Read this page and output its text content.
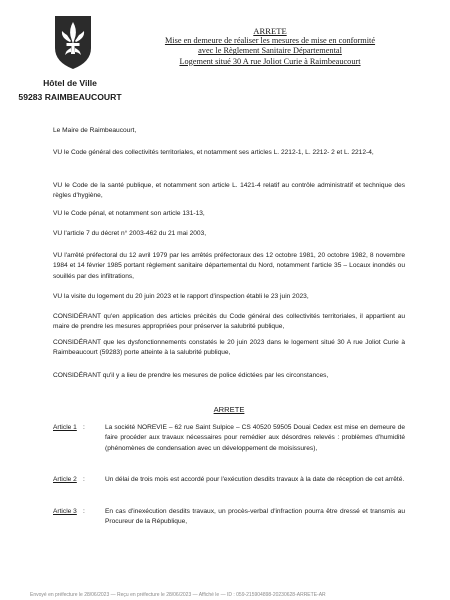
Hôtel de Ville
59283 RAIMBEAUCOURT
ARRETE
Mise en demeure de réaliser les mesures de mise en conformité
avec le Règlement Sanitaire Départemental
Logement situé 30 A rue Joliot Curie à Raimbeaucourt
Le Maire de Raimbeaucourt,
VU le Code général des collectivités territoriales, et notamment ses articles L. 2212-1, L. 2212- 2 et L. 2212-4,
VU le Code de la santé publique, et notamment son article L. 1421-4 relatif au contrôle administratif et technique des règles d'hygiène,
VU le Code pénal, et notamment son article 131-13,
VU l'article 7 du décret n° 2003-462 du 21 mai 2003,
VU l'arrêté préfectoral du 12 avril 1979 par les arrêtés préfectoraux des 12 octobre 1981, 20 octobre 1982, 8 novembre 1984 et 14 février 1985 portant règlement sanitaire départemental du Nord, notamment l'article 35 – Locaux inondés ou souillés par des infiltrations,
VU la visite du logement du 20 juin 2023 et le rapport d'inspection établi le 23 juin 2023,
CONSIDÉRANT qu'en application des articles précités du Code général des collectivités territoriales, il appartient au maire de prendre les mesures appropriées pour préserver la salubrité publique,
CONSIDÉRANT que les dysfonctionnements constatés le 20 juin 2023 dans le logement situé 30 A rue Joliot Curie à Raimbeaucourt (59283) porte atteinte à la salubrité publique,
CONSIDÉRANT qu'il y a lieu de prendre les mesures de police édictées par les circonstances,
ARRETE
Article 1 :	La société NOREVIE – 62 rue Saint Sulpice – CS 40520 59505 Douai Cedex est mise en demeure de faire procéder aux travaux nécessaires pour remédier aux désordres relevés : problèmes d'humidité (phénomènes de condensation avec un développement de moisissures),
Article 2 :	Un délai de trois mois est accordé pour l'exécution desdits travaux à la date de réception de cet arrêté.
Article 3 :	En cas d'inexécution desdits travaux, un procès-verbal d'infraction pourra être dressé et transmis au Procureur de la République,
Envoyé en préfecture le 28/06/2023 — Reçu en préfecture le 28/06/2023 — Affiché le — ID : 059-215904898-20230628-ARRETE-AR
